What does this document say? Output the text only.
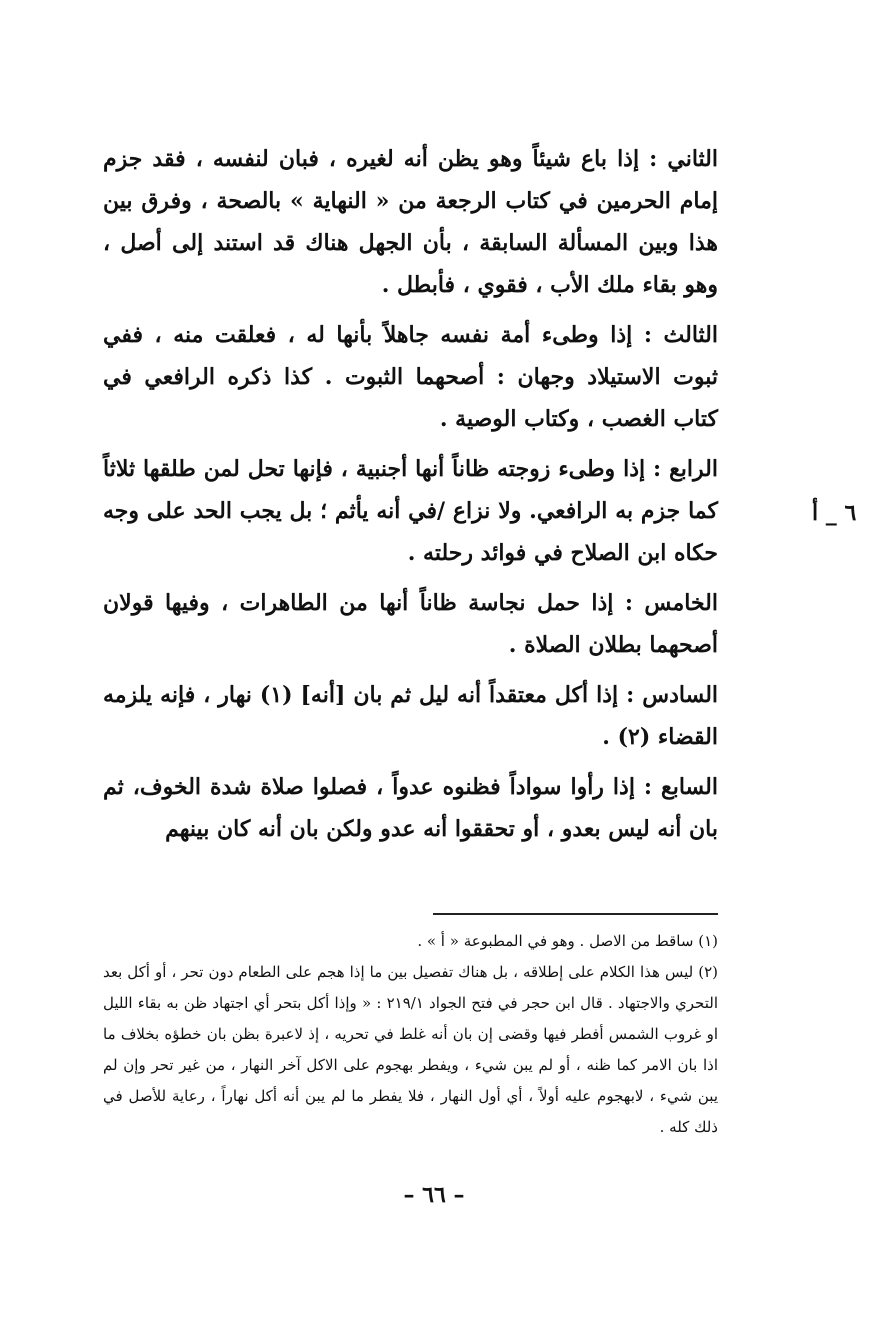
الثاني : إذا باع شيئاً وهو يظن أنه لغيره ، فبان لنفسه ، فقد جزم إمام الحرمين في كتاب الرجعة من « النهاية » بالصحة ، وفرق بين هذا وبين المسألة السابقة ، بأن الجهل هناك قد استند إلى أصل ، وهو بقاء ملك الأب ، فقوي ، فأبطل .

الثالث : إذا وطىء أمة نفسه جاهلاً بأنها له ، فعلقت منه ، ففي ثبوت الاستيلاد وجهان : أصحهما الثبوت . كذا ذكره الرافعي في كتاب الغصب ، وكتاب الوصية .

الرابع : إذا وطىء زوجته ظاناً أنها أجنبية ، فإنها تحل لمن طلقها ثلاثاً كما جزم به الرافعي. ولا نزاع /في أنه يأثم ؛ بل يجب الحد على وجه حكاه ابن الصلاح في فوائد رحلته .

الخامس : إذا حمل نجاسة ظاناً أنها من الطاهرات ، وفيها قولان أصحهما بطلان الصلاة .

السادس : إذا أكل معتقداً أنه ليل ثم بان [أنه] (١) نهار ، فإنه يلزمه القضاء (٢) .

السابع : إذا رأوا سواداً فظنوه عدواً ، فصلوا صلاة شدة الخوف، ثم بان أنه ليس بعدو ، أو تحققوا أنه عدو ولكن بان أنه كان بينهم

٦ _ أ

(١) ساقط من الاصل . وهو في المطبوعة « أ » .

(٢) ليس هذا الكلام على إطلاقه ، بل هناك تفصيل بين ما إذا هجم على الطعام دون تحر ، أو أكل بعد التحري والاجتهاد . قال ابن حجر في فتح الجواد ٢١٩/١ : « وإذا أكل بتحر أي اجتهاد ظن به بقاء الليل او غروب الشمس أفطر فيها وقضى إن بان أنه غلط في تحريه ، إذ لاعبرة بظن بان خطؤه بخلاف ما اذا بان الامر كما ظنه ، أو لم يبن شيء ، ويفطر بهجوم على الاكل آخر النهار ، من غير تحر وإن لم يبن شيء ، لابهجوم عليه أولاً ، أي أول النهار ، فلا يفطر ما لم يبن أنه أكل نهاراً ، رعاية للأصل في ذلك كله .

– ٦٦ –
